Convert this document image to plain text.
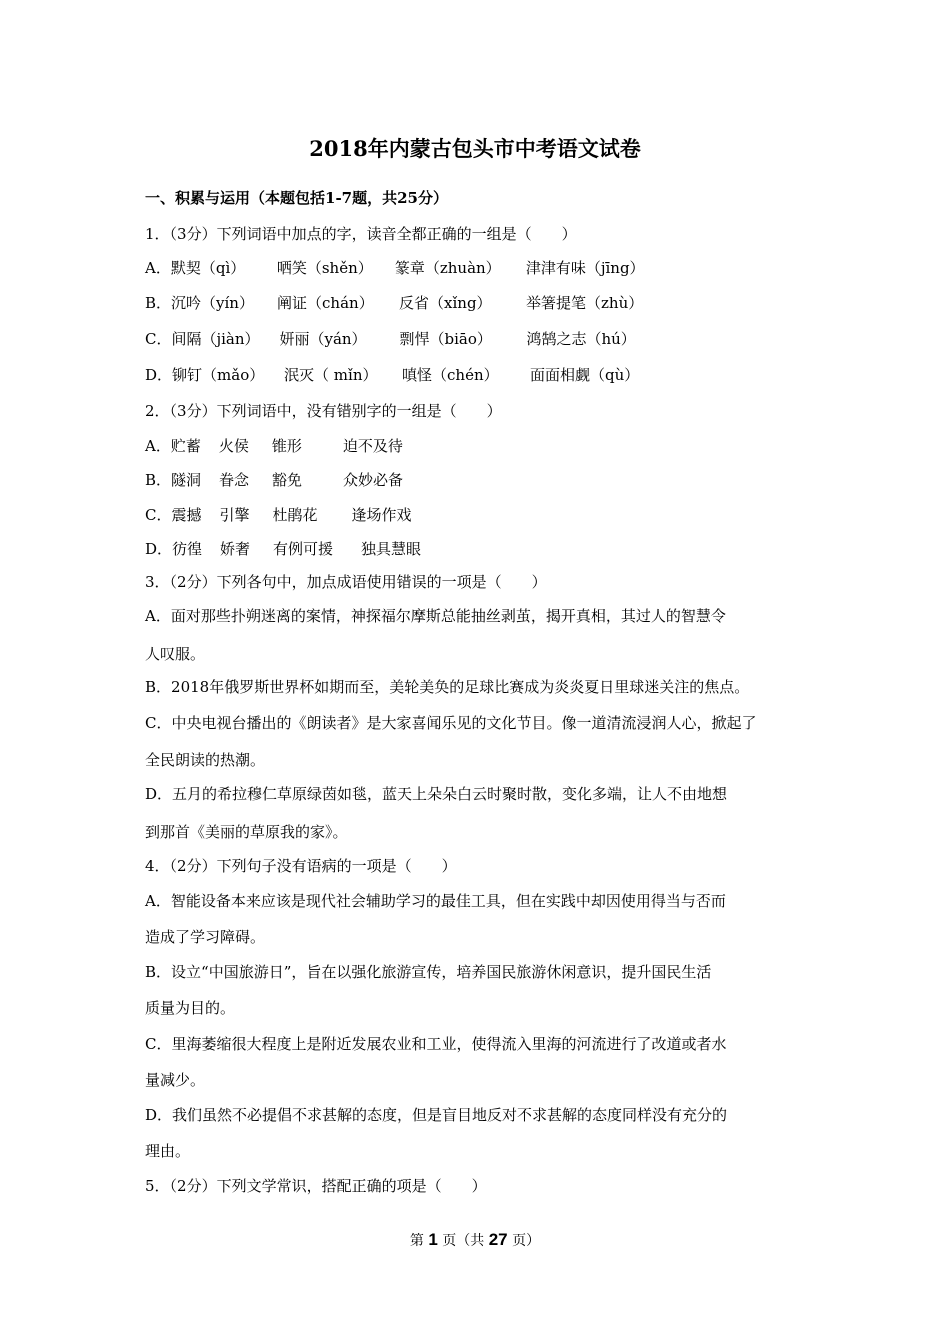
2018年内蒙古包头市中考语文试卷
一、积累与运用（本题包括1-7题，共25分）
1．（3分）下列词语中加点的字，读音全都正确的一组是（　　）
A．默契（qì） 哂笑（shěn） 篆章（zhuàn） 津津有味（jīng）
B．沉吟（yín） 阐证（chán） 反省（xǐng） 举箸提笔（zhù）
C．间隔（jiàn） 妍丽（yán） 剽悍（biāo） 鸿鹄之志（hú）
D．铆钉（mǎo） 泯灭（ mǐn） 嗔怪（chén） 面面相觑（qù）
2．（3分）下列词语中，没有错别字的一组是（　　）
A．贮蓄 火侯 锥形	迫不及待
B．隧洞 眷念 豁免	众妙必备
C．震撼 引擎 杜鹃花 逢场作戏
D．彷徨 娇奢 有例可援 独具慧眼
3．（2分）下列各句中，加点成语使用错误的一项是（　　）
A．面对那些扑朔迷离的案情，神探福尔摩斯总能抽丝剥茧，揭开真相，其过人的智慧令
人叹服。
B．2018年俄罗斯世界杯如期而至，美轮美奂的足球比赛成为炎炎夏日里球迷关注的焦点。
C．中央电视台播出的《朗读者》是大家喜闻乐见的文化节目。像一道清流浸润人心，掀起了
全民朗读的热潮。
D．五月的希拉穆仁草原绿茵如毯，蓝天上朵朵白云时聚时散，变化多端，让人不由地想
到那首《美丽的草原我的家》。
4．（2分）下列句子没有语病的一项是（　　）
A．智能设备本来应该是现代社会辅助学习的最佳工具，但在实践中却因使用得当与否而
造成了学习障碍。
B．设立“中国旅游日”，旨在以强化旅游宣传，培养国民旅游休闲意识，提升国民生活
质量为目的。
C．里海萎缩很大程度上是附近发展农业和工业，使得流入里海的河流进行了改道或者水
量减少。
D．我们虽然不必提倡不求甚解的态度，但是盲目地反对不求甚解的态度同样没有充分的
理由。
5．（2分）下列文学常识，搭配正确的项是（　　）
第 1 页（共 27 页）
